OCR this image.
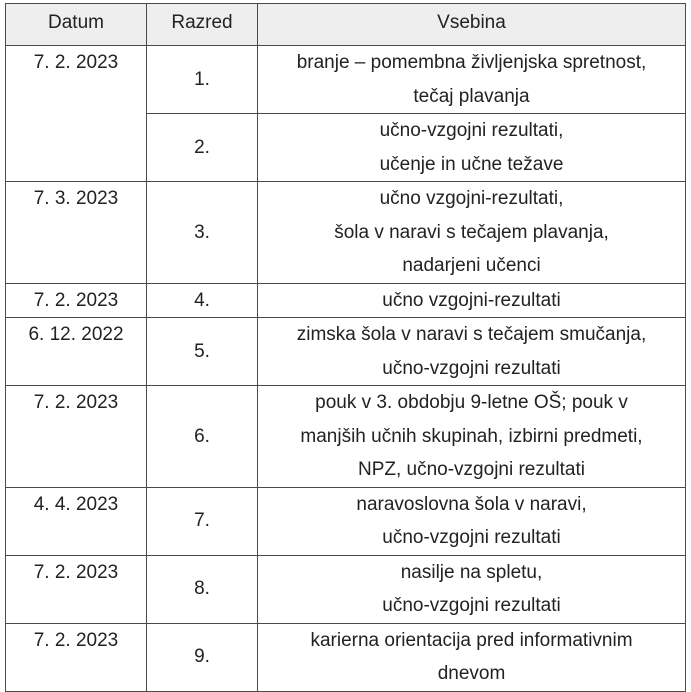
Datum	Razred	Vsebina
7. 2. 2023	1.	branje – pomembna življenjska spretnost,
tečaj plavanja

	2.	učno-vzgojni rezultati,
učenje in učne težave

7. 3. 2023	3.	učno vzgojni-rezultati,
šola v naravi s tečajem plavanja,
nadarjeni učenci

7. 2. 2023	4.	učno vzgojni-rezultati

6. 12. 2022	5.	zimska šola v naravi s tečajem smučanja,
učno-vzgojni rezultati

7. 2. 2023	6.	pouk v 3. obdobju 9-letne OŠ; pouk v
manjših učnih skupinah, izbirni predmeti,
NPZ, učno-vzgojni rezultati

4. 4. 2023	7.	naravoslovna šola v naravi,
učno-vzgojni rezultati

7. 2. 2023	8.	nasilje na spletu,
učno-vzgojni rezultati

7. 2. 2023	9.	karierna orientacija pred informativnim
dnevom
